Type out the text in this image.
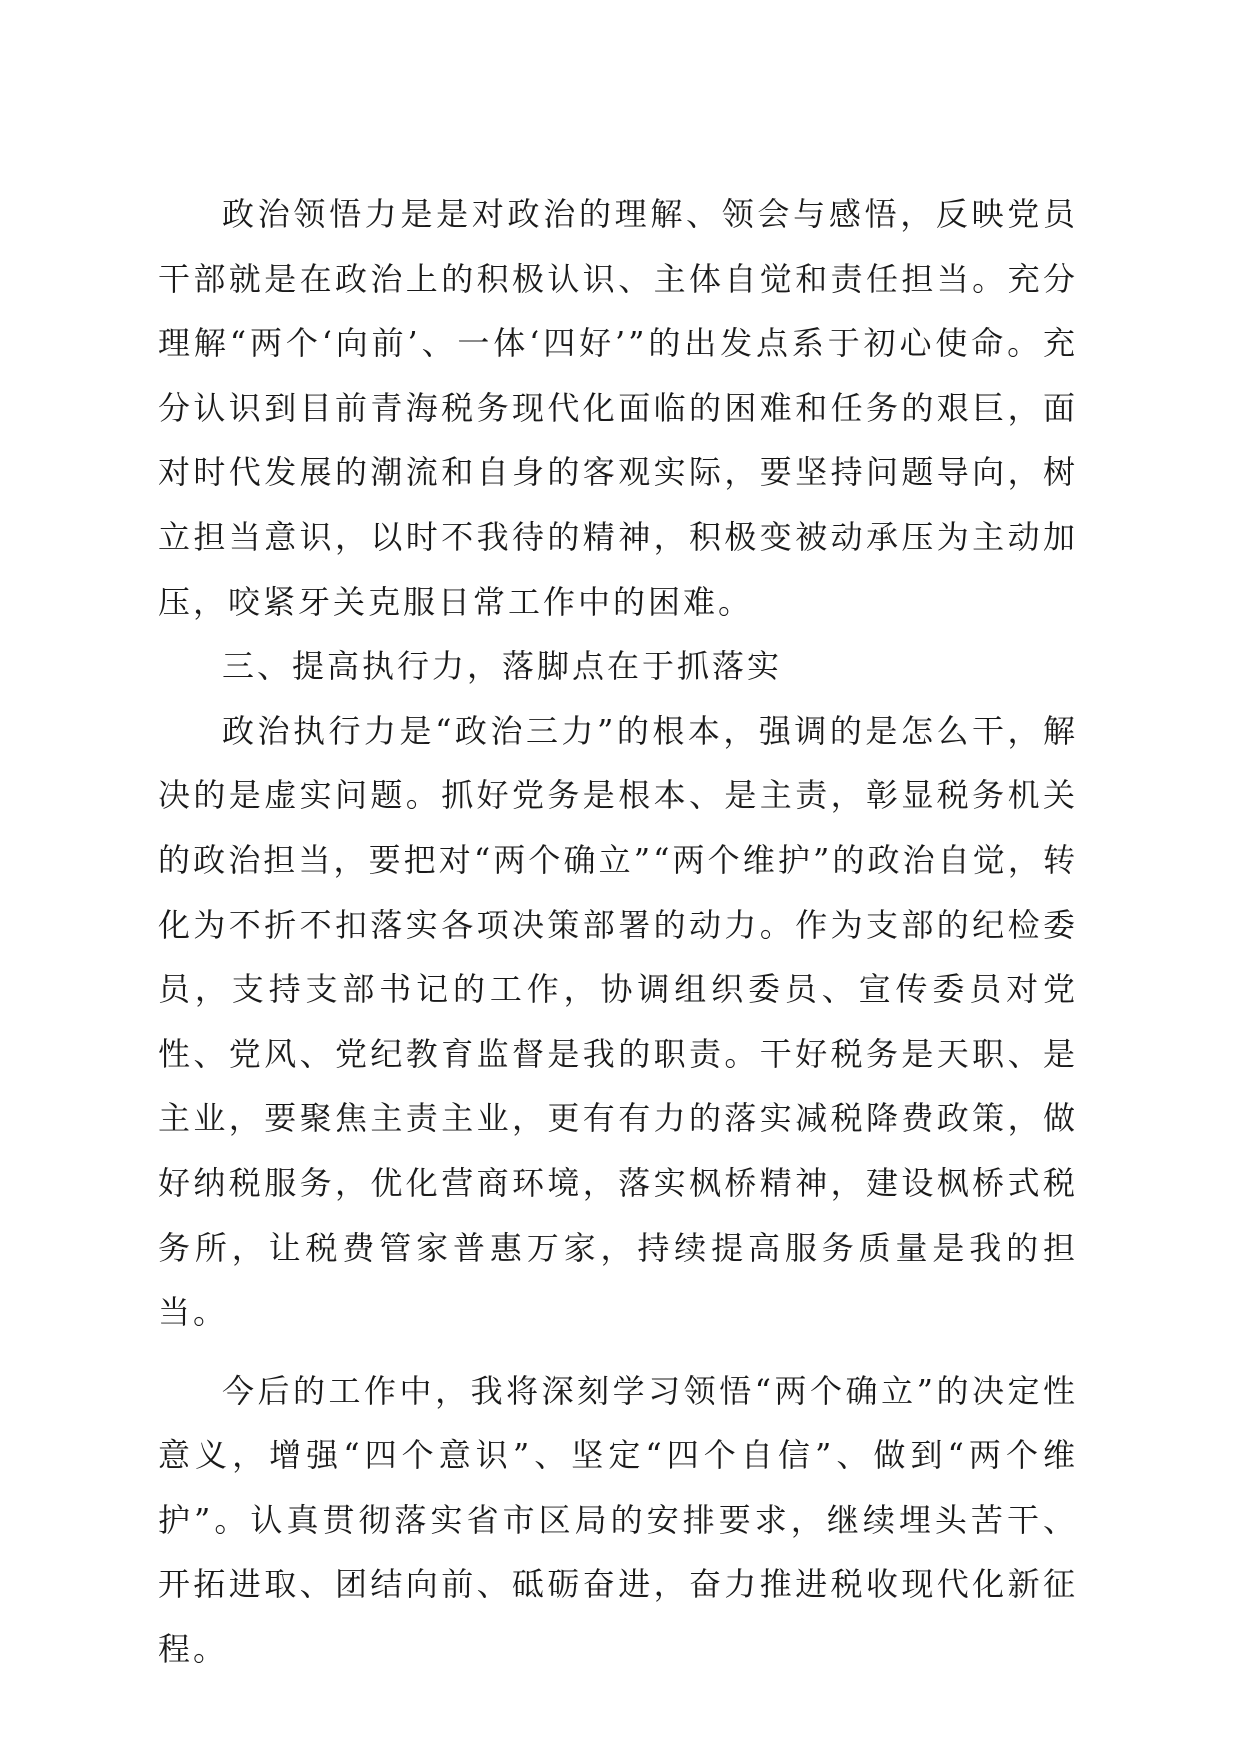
政治领悟力是是对政治的理解、领会与感悟，反映党员干部就是在政治上的积极认识、主体自觉和责任担当。充分理解“两个‘向前’、一体‘四好’”的出发点系于初心使命。充分认识到目前青海税务现代化面临的困难和任务的艰巨，面对时代发展的潮流和自身的客观实际，要坚持问题导向，树立担当意识，以时不我待的精神，积极变被动承压为主动加压，咬紧牙关克服日常工作中的困难。

三、提高执行力，落脚点在于抓落实

政治执行力是“政治三力”的根本，强调的是怎么干，解决的是虚实问题。抓好党务是根本、是主责，彰显税务机关的政治担当，要把对“两个确立”“两个维护”的政治自觉，转化为不折不扣落实各项决策部署的动力。作为支部的纪检委员，支持支部书记的工作，协调组织委员、宣传委员对党性、党风、党纪教育监督是我的职责。干好税务是天职、是主业，要聚焦主责主业，更有有力的落实减税降费政策，做好纳税服务，优化营商环境，落实枫桥精神，建设枫桥式税务所，让税费管家普惠万家，持续提高服务质量是我的担当。

今后的工作中，我将深刻学习领悟“两个确立”的决定性意义，增强“四个意识”、坚定“四个自信”、做到“两个维护”。认真贯彻落实省市区局的安排要求，继续埋头苦干、开拓进取、团结向前、砥砺奋进，奋力推进税收现代化新征程。
